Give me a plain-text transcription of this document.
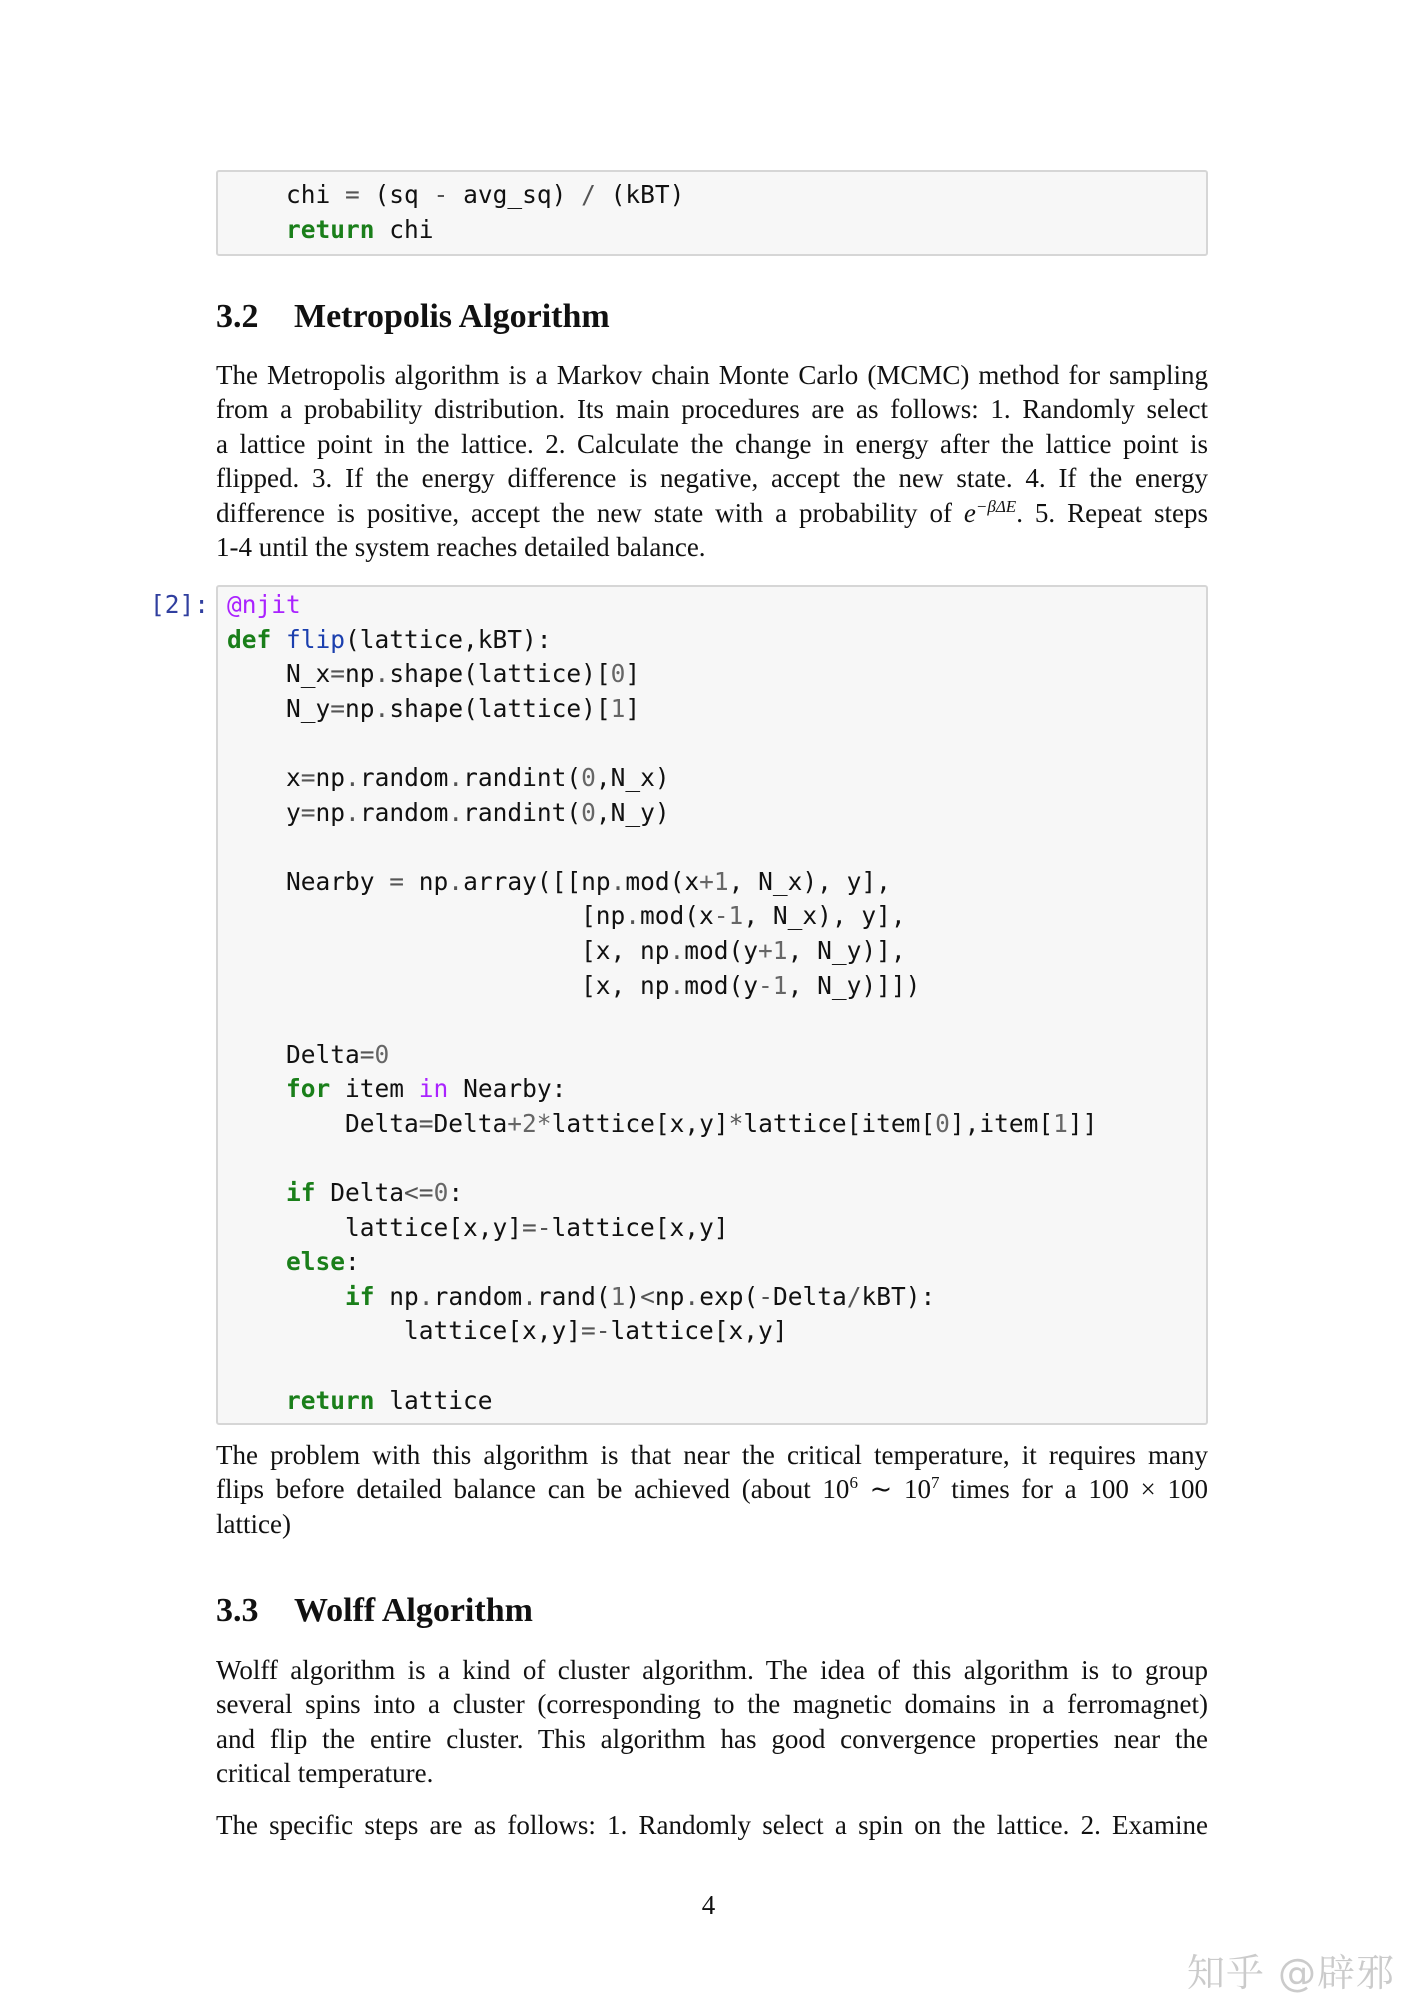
chi = (sq - avg_sq) / (kBT)
return chi
3.2 Metropolis Algorithm
The Metropolis algorithm is a Markov chain Monte Carlo (MCMC) method for sampling
from a probability distribution. Its main procedures are as follows: 1. Randomly select
a lattice point in the lattice. 2. Calculate the change in energy after the lattice point is
flipped. 3. If the energy difference is negative, accept the new state. 4. If the energy
difference is positive, accept the new state with a probability of $e^{-\beta\Delta E}$. 5. Repeat steps
1-4 until the system reaches detailed balance.
[2]: @njit
def flip(lattice,kBT):
N_x=np.shape(lattice)[0]
N_y=np.shape(lattice)[1]
x=np.random.randint(0,N_x)
y=np.random.randint(0,N_y)
Nearby = np.array([[np.mod(x+1, N_x), y],
[np.mod(x-1, N_x), y],
[x, np.mod(y+1, N_y)],
[x, np.mod(y-1, N_y)]])
Delta=0
for item in Nearby:
Delta=Delta+2*lattice[x,y]*lattice[item[0],item[1]]
if Delta<=0:
lattice[x,y]=-lattice[x,y]
else:
if np.random.rand(1)<np.exp(-Delta/kBT):
lattice[x,y]=-lattice[x,y]
return lattice
The problem with this algorithm is that near the critical temperature, it requires many
flips before detailed balance can be achieved (about $10^6$ ∼ $10^7$ times for a 100 × 100
lattice)
3.3 Wolff Algorithm
Wolff algorithm is a kind of cluster algorithm. The idea of this algorithm is to group
several spins into a cluster (corresponding to the magnetic domains in a ferromagnet)
and flip the entire cluster. This algorithm has good convergence properties near the
critical temperature.
The specific steps are as follows: 1. Randomly select a spin on the lattice. 2. Examine
4
知乎 @辟邪
